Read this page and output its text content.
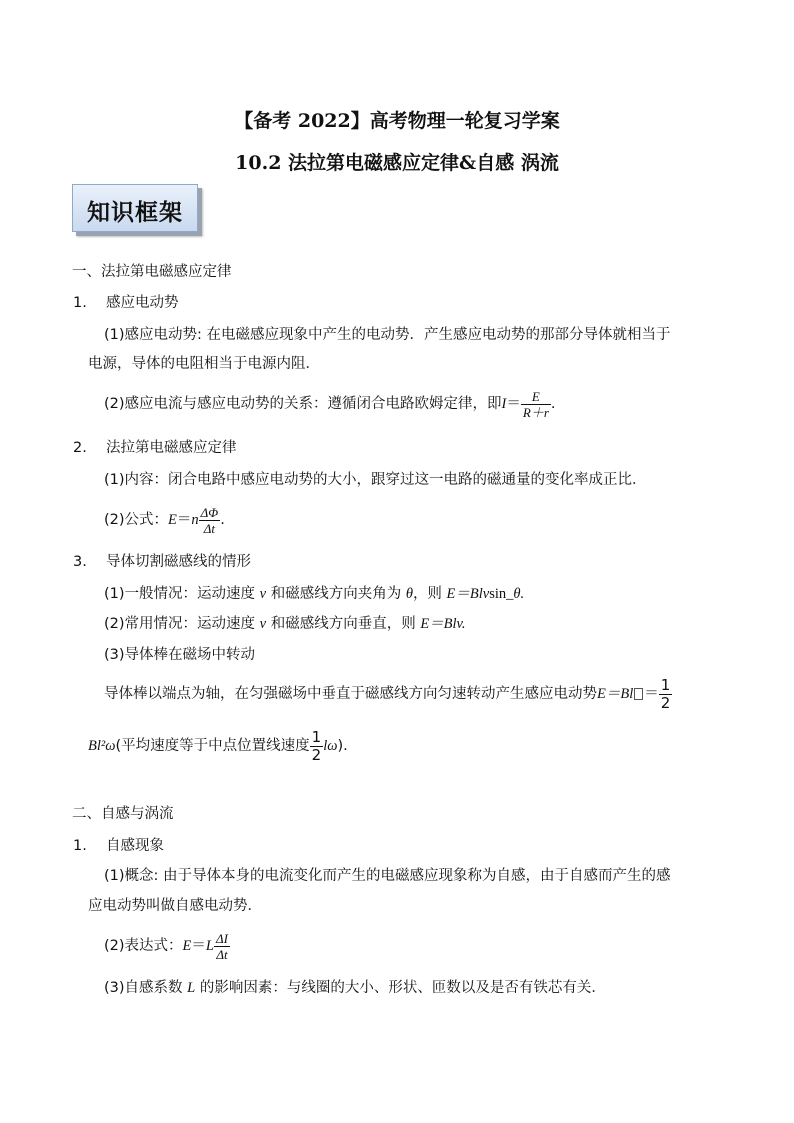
【备考 2022】高考物理一轮复习学案
10.2 法拉第电磁感应定律&自感 涡流
知识框架
一、法拉第电磁感应定律
1. 感应电动势
(1)感应电动势: 在电磁感应现象中产生的电动势．产生感应电动势的那部分导体就相当于
电源，导体的电阻相当于电源内阻．
(2)感应电流与感应电动势的关系：遵循闭合电路欧姆定律，即 $I = \frac{E}{R+r}$ .
2. 法拉第电磁感应定律
(1)内容：闭合电路中感应电动势的大小，跟穿过这一电路的磁通量的变化率成正比．
(2)公式： E ＝ n $\frac{\Delta\Phi}{\Delta t}$ .
3. 导体切割磁感线的情形
(1)一般情况：运动速度 v 和磁感线方向夹角为 θ，则 E＝Blvsin_θ.
(2)常用情况：运动速度 v 和磁感线方向垂直，则 E＝Blv.
(3)导体棒在磁场中转动
导体棒以端点为轴，在匀强磁场中垂直于磁感线方向匀速转动产生感应电动势 $E=Bl = \frac{1}{2}$
Bl²ω (平均速度等于中点位置线速度 $\frac{1}{2}$ lω ).
二、自感与涡流
1. 自感现象
(1)概念: 由于导体本身的电流变化而产生的电磁感应现象称为自感，由于自感而产生的感
应电动势叫做自感电动势．
(2)表达式： E ＝ L $\frac{\Delta I}{\Delta t}$
(3)自感系数 L 的影响因素：与线圈的大小、形状、匝数以及是否有铁芯有关．
